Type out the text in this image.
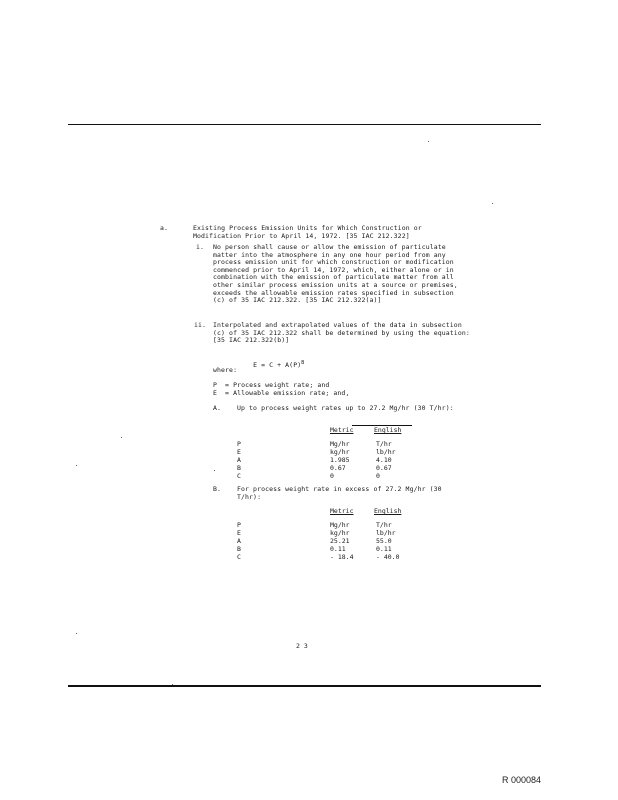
a.	Existing Process Emission Units for Which Construction or Modification Prior to April 14, 1972. [35 IAC 212.322]
i. No person shall cause or allow the emission of particulate matter into the atmosphere in any one hour period from any process emission unit for which construction or modification commenced prior to April 14, 1972, which, either alone or in combination with the emission of particulate matter from all other similar process emission units at a source or premises, exceeds the allowable emission rates specified in subsection (c) of 35 IAC 212.322. [35 IAC 212.322(a)]
ii. Interpolated and extrapolated values of the data in subsection (c) of 35 IAC 212.322 shall be determined by using the equation: [35 IAC 212.322(b)]

$E = C + A(P)^B$

where:
P  = Process weight rate; and
E  = Allowable emission rate; and,
A. Up to process weight rates up to 27.2 Mg/hr (30 T/hr):
Metric	English
P	Mg/hr	T/hr
E	kg/hr	lb/hr
A	1.985	4.10
B	0.67	0.67
C	0	0
B. For process weight rate in excess of 27.2 Mg/hr (30 T/hr):
Metric	English
P	Mg/hr	T/hr
E	kg/hr	lb/hr
A	25.21	55.0
B	0.11	0.11
C	- 18.4	- 40.0
2 3
R 000084
